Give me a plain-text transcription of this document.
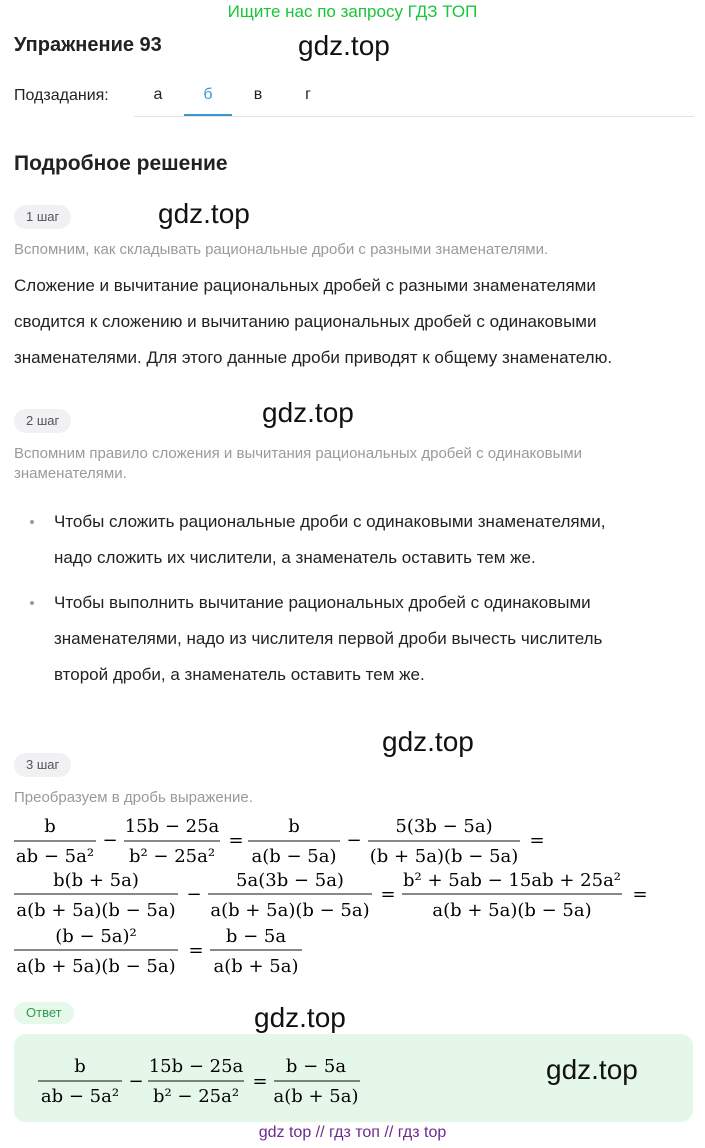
Ищите нас по запросу ГДЗ ТОП
Упражнение 93	gdz.top
Подзадания:	а	б	в	г
Подробное решение
1 шаг	gdz.top
Вспомним, как складывать рациональные дроби с разными знаменателями.
Сложение и вычитание рациональных дробей с разными знаменателями
сводится к сложению и вычитанию рациональных дробей с одинаковыми
знаменателями. Для этого данные дроби приводят к общему знаменателю.
2 шаг	gdz.top
Вспомним правило сложения и вычитания рациональных дробей с одинаковыми
знаменателями.
Чтобы сложить рациональные дроби с одинаковыми знаменателями,
надо сложить их числители, а знаменатель оставить тем же.
Чтобы выполнить вычитание рациональных дробей с одинаковыми
знаменателями, надо из числителя первой дроби вычесть числитель
второй дроби, а знаменатель оставить тем же.
gdz.top
3 шаг
Преобразуем в дробь выражение.
b
ab − 5a²
−
15b − 25a
b² − 25a²
=
b
a(b − 5a)
−
5(3b − 5a)
(b + 5a)(b − 5a)
=
b(b + 5a)
a(b + 5a)(b − 5a)
−
5a(3b − 5a)
a(b + 5a)(b − 5a)
=
b² + 5ab − 15ab + 25a²
a(b + 5a)(b − 5a)
=
(b − 5a)²
a(b + 5a)(b − 5a)
=
b − 5a
a(b + 5a)
Ответ	gdz.top
b
ab − 5a²
−
15b − 25a
b² − 25a²
=
b − 5a
a(b + 5a)
gdz.top
gdz top // гдз топ // гдз top
